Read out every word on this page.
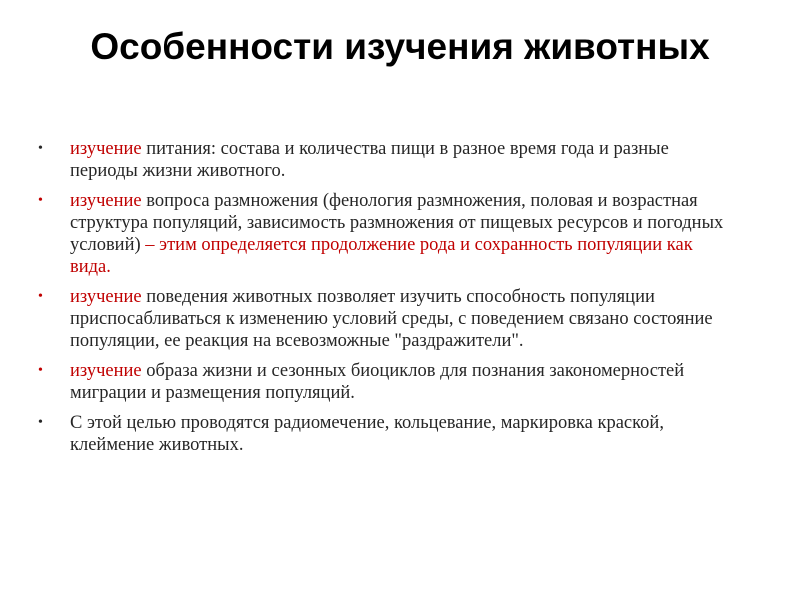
Особенности изучения животных
•	изучение питания: состава и количества пищи в разное время года и разные периоды жизни животного.
•	изучение вопроса размножения (фенология размножения, половая и возрастная структура популяций, зависимость размножения от пищевых ресурсов и погодных условий) – этим определяется продолжение рода и сохранность популяции как вида.
•	изучение поведения животных позволяет изучить способность популяции приспосабливаться к изменению условий среды, с поведением связано состояние популяции, ее реакция на всевозможные "раздражители".
•	изучение образа жизни и сезонных биоциклов для познания закономерностей миграции и размещения популяций.
•	С этой целью проводятся радиомечение, кольцевание, маркировка краской, клеймение животных.
